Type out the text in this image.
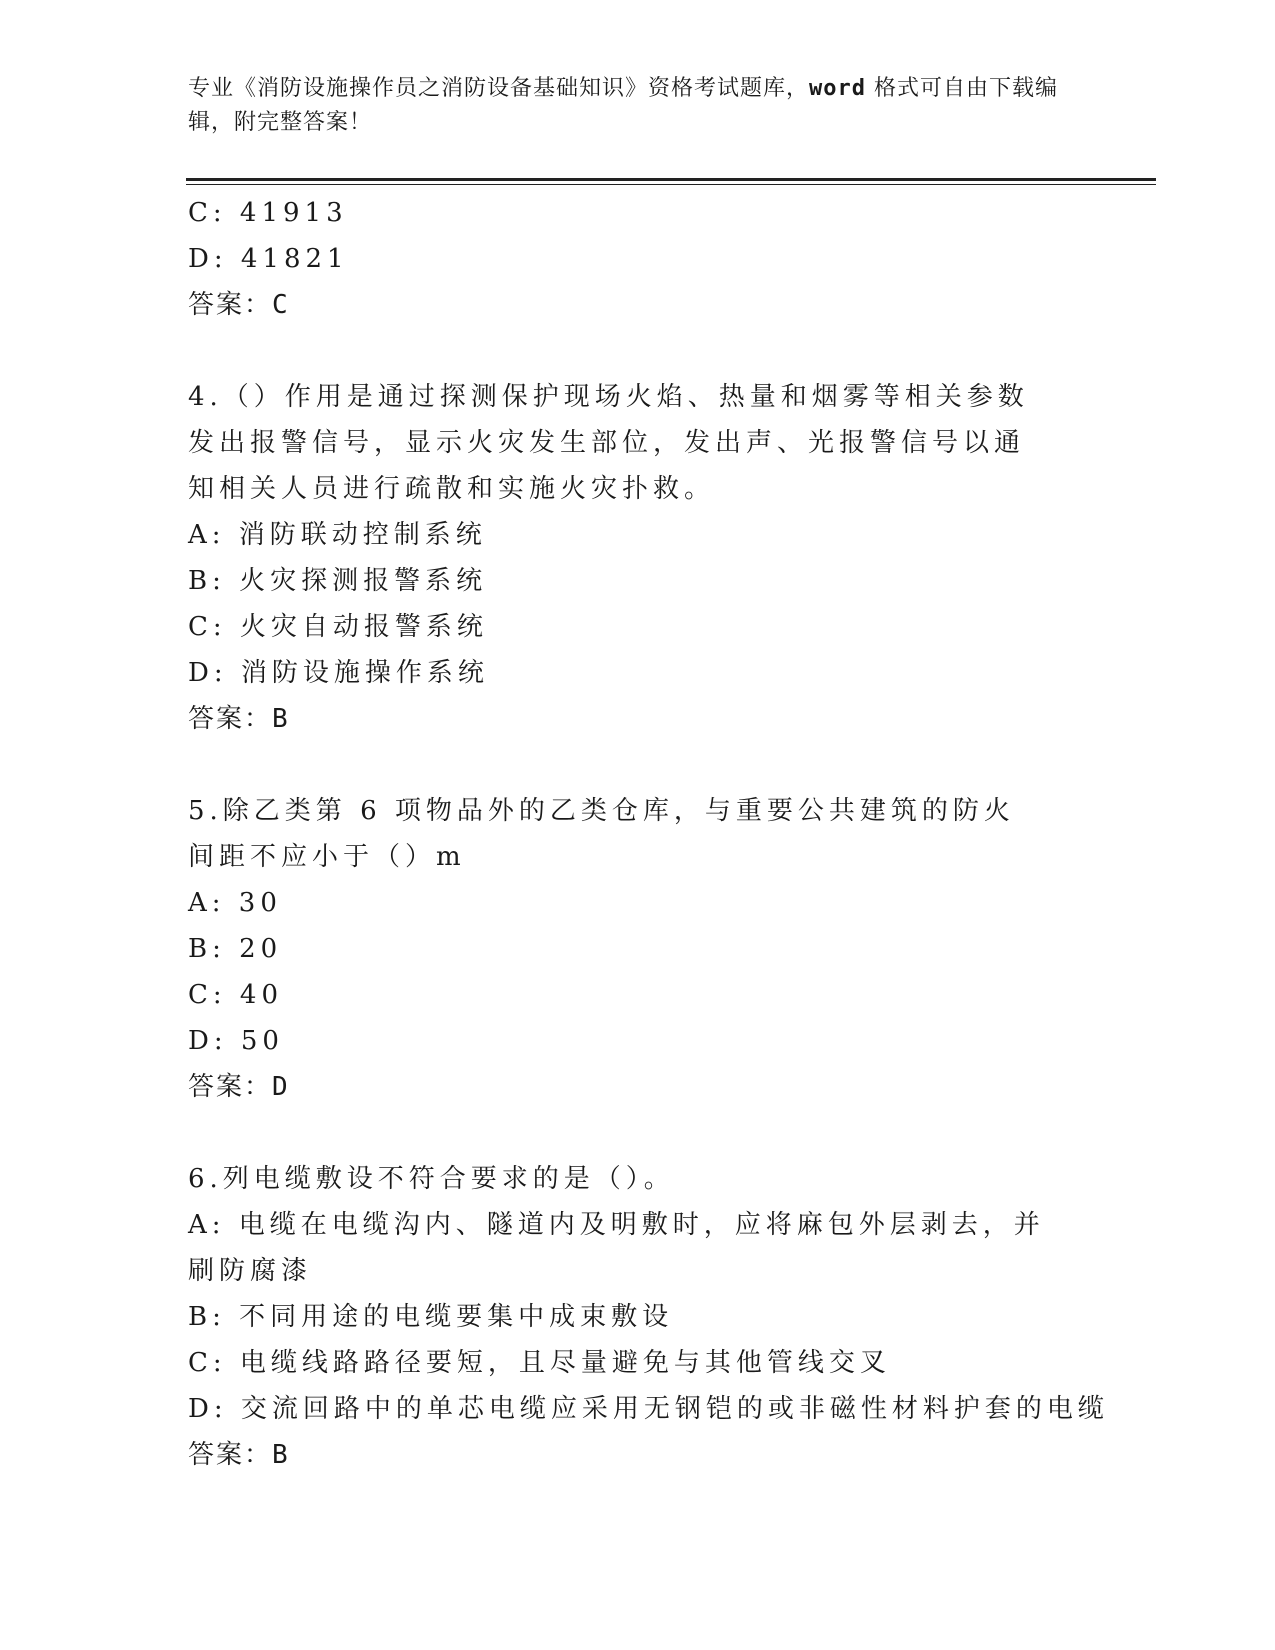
专业《消防设施操作员之消防设备基础知识》资格考试题库，word 格式可自由下载编辑，附完整答案！
C: 41913
D: 41821
答案：C
4.（）作用是通过探测保护现场火焰、热量和烟雾等相关参数发出报警信号，显示火灾发生部位，发出声、光报警信号以通知相关人员进行疏散和实施火灾扑救。
A: 消防联动控制系统
B: 火灾探测报警系统
C: 火灾自动报警系统
D: 消防设施操作系统
答案：B
5.除乙类第 6 项物品外的乙类仓库，与重要公共建筑的防火间距不应小于（）m
A: 30
B: 20
C: 40
D: 50
答案：D
6.列电缆敷设不符合要求的是（）。
A: 电缆在电缆沟内、隧道内及明敷时，应将麻包外层剥去，并刷防腐漆
B: 不同用途的电缆要集中成束敷设
C: 电缆线路路径要短，且尽量避免与其他管线交叉
D: 交流回路中的单芯电缆应采用无钢铠的或非磁性材料护套的电缆
答案：B
